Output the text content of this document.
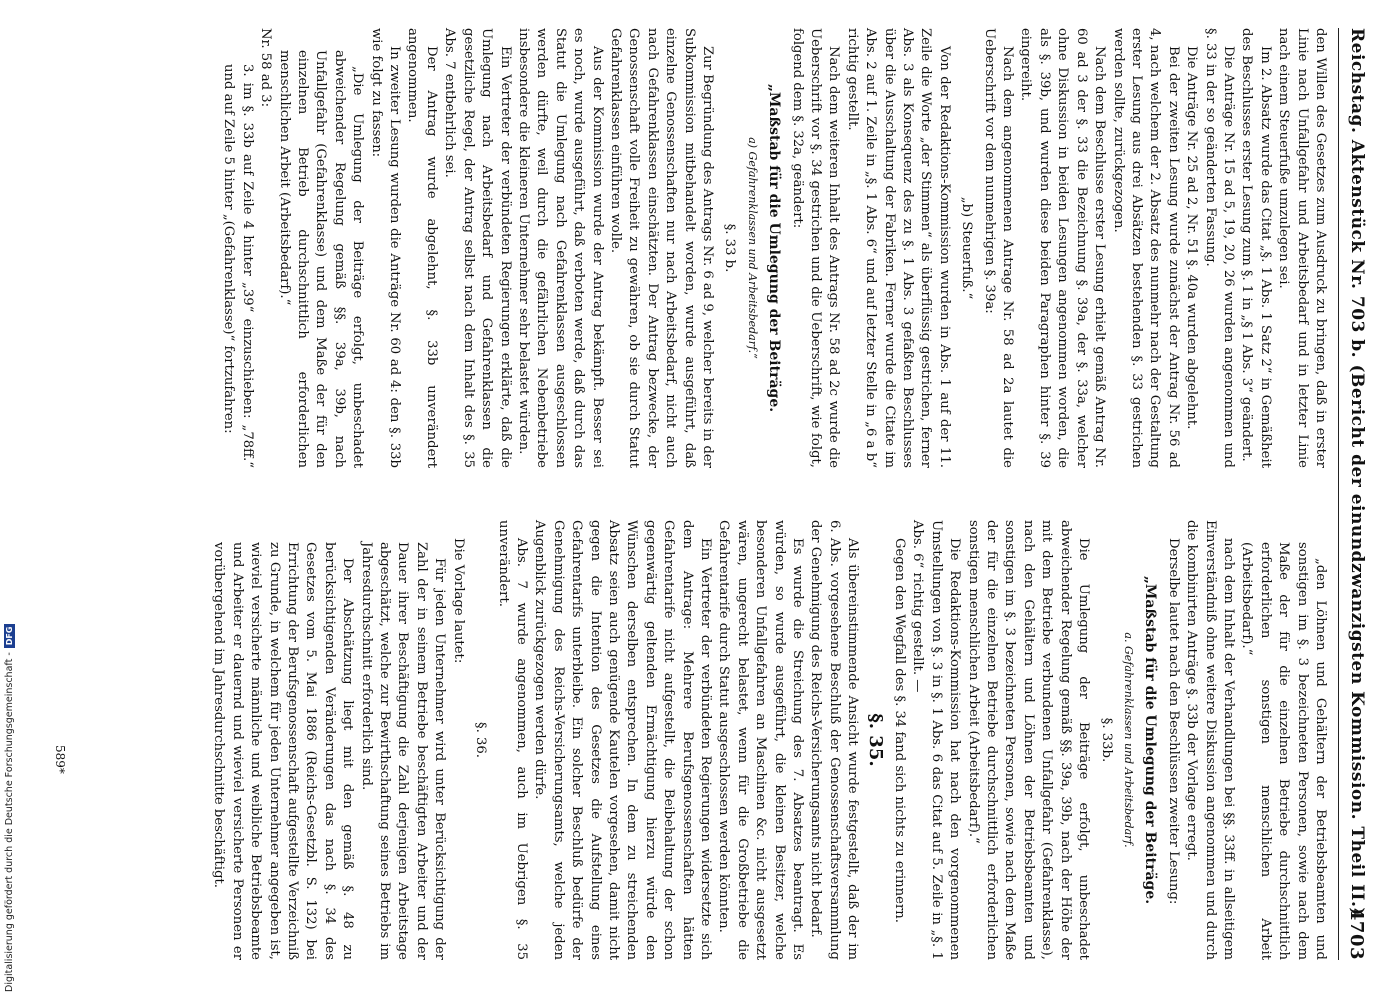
Reichstag. Aktenstück Nr. 703 b. (Bericht der einundzwanzigsten Kommission. Theil II.)
4703

den Willen des Gesetzes zum Ausdruck zu bringen, daß in erster Linie nach Unfallgefahr und Arbeitsbedarf und in letzter Linie nach einem Steuerfuße umzulegen sei.

Im 2. Absatz wurde das Citat „§. 1 Abs. 1 Satz 2“ in Gemäßheit des Beschlusses erster Lesung zum §. 1 in „§ 1 Abs. 3“ geändert.

Die Anträge Nr. 15 ad 5, 19, 20, 26 wurden angenommen und §. 33 in der so geänderten Fassung.

Die Anträge Nr. 25 ad 2, Nr. 51 §. 40a wurden abgelehnt.

Bei der zweiten Lesung wurde zunächst der Antrag Nr. 56 ad 4, nach welchem der 2. Absatz des nunmehr nach der Gestaltung erster Lesung aus drei Absätzen bestehenden §. 33 gestrichen werden sollte, zurückgezogen.

Nach dem Beschlusse erster Lesung erhielt gemäß Antrag Nr. 60 ad 3 der §. 33 die Bezeichnung §. 39a, der §. 33a, welcher ohne Diskussion in beiden Lesungen angenommen worden, die als §. 39b, und wurden diese beiden Paragraphen hinter §. 39 eingereiht.

Nach dem angenommenen Antrage Nr. 58 ad 2a lautet die Ueberschrift vor dem nunmehrigen §. 39a:

„b) Steuerfuß.“

Von der Redaktions-Kommission wurden in Abs. 1 auf der 11. Zeile die Worte „der Stimmen“ als überflüssig gestrichen, ferner Abs. 3 als Konsequenz des zu §. 1 Abs. 3 gefaßten Beschlusses über die Ausschaltung der Fabriken. Ferner wurde die Citate im Abs. 2 auf 1. Zeile in „§. 1 Abs. 6“ und auf letzter Stelle in „6 a b“ richtig gestellt.

Nach dem weiteren Inhalt des Antrags Nr. 58 ad 2c wurde die Ueberschrift vor §. 34 gestrichen und die Ueberschrift, wie folgt, folgend dem §. 32a, geändert:

„Maßstab für die Umlegung der Beiträge.

a) Gefahrenklassen und Arbeitsbedarf.“

§. 33 b.

Zur Begründung des Antrags Nr. 6 ad 9, welcher bereits in der Subkommission mitbehandelt worden, wurde ausgeführt, daß einzelne Genossenschaften nur nach Arbeitsbedarf, nicht auch nach Gefahrenklassen einschätzten. Der Antrag bezwecke, der Genossenschaft volle Freiheit zu gewähren, ob sie durch Statut Gefahrenklassen einführen wolle.

Aus der Kommission wurde der Antrag bekämpft. Besser sei es noch, wurde ausgeführt, daß verboten werde, daß durch das Statut die Umlegung nach Gefahrenklassen ausgeschlossen werden dürfte, weil durch die gefährlichen Nebenbetriebe insbesondere die kleineren Unternehmer sehr belastet würden.

Ein Vertreter der verbündeten Regierungen erklärte, daß die Umlegung nach Arbeitsbedarf und Gefahrenklassen die gesetzliche Regel, der Antrag selbst nach dem Inhalt des §. 35 Abs. 7 entbehrlich sei.

Der Antrag wurde abgelehnt, §. 33b unverändert angenommen.

In zweiter Lesung wurden die Anträge Nr. 60 ad 4: den §. 33b wie folgt zu fassen:

„Die Umlegung der Beiträge erfolgt, unbeschadet abweichender Regelung gemäß §§. 39a, 39b, nach Unfallgefahr (Gefahrenklasse) und dem Maße der für den einzelnen Betrieb durchschnittlich erforderlichen menschlichen Arbeit (Arbeitsbedarf).“

Nr. 58 ad 3:

3. im §. 33b auf Zeile 4 hinter „39“ einzuschieben: „78ff.“ und auf Zeile 5 hinter „(Gefahrenklasse)“ fortzufahren:

„den Löhnen und Gehältern der Betriebsbeamten und sonstigen im §. 3 bezeichneten Personen, sowie nach dem Maße der für die einzelnen Betriebe durchschnittlich erforderlichen sonstigen menschlichen Arbeit (Arbeitsbedarf).“

nach dem Inhalt der Verhandlungen bei §§. 33ff. in allseitigem Einverständniß ohne weitere Diskussion angenommen und durch die kombinirten Anträge §. 33b der Vorlage erregt.

Derselbe lautet nach den Beschlüssen zweiter Lesung:

„Maßstab für die Umlegung der Beiträge.

a. Gefahrenklassen und Arbeitsbedarf.

§. 33b.

Die Umlegung der Beiträge erfolgt, unbeschadet abweichender Regelung gemäß §§. 39a, 39b, nach der Höhe der mit dem Betriebe verbundenen Unfallgefahr (Gefahrenklasse), nach den Gehältern und Löhnen der Betriebsbeamten und sonstigen im §. 3 bezeichneten Personen, sowie nach dem Maße der für die einzelnen Betriebe durchschnittlich erforderlichen sonstigen menschlichen Arbeit (Arbeitsbedarf).“

Die Redaktions-Kommission hat nach den vorgenommenen Umstellungen von §. 3 in §. 1 Abs. 6 das Citat auf 5. Zeile in „§. 1 Abs. 6“ richtig gestellt. —

Gegen den Wegfall des §. 34 fand sich nichts zu erinnern.

§. 35.

Als übereinstimmende Ansicht wurde festgestellt, daß der im 6. Abs. vorgesehene Beschluß der Genossenschaftsversammlung der Genehmigung des Reichs-Versicherungsamts nicht bedarf.

Es wurde die Streichung des 7. Absatzes beantragt. Es würden, so wurde ausgeführt, die kleinen Besitzer, welche besonderen Unfallgefahren an Maschinen &c. nicht ausgesetzt wären, ungerecht belastet, wenn für die Großbetriebe die Gefahrentarife durch Statut ausgeschlossen werden könnten.

Ein Vertreter der verbündeten Regierungen widersetzte sich dem Antrage: Mehrere Berufsgenossenschaften hätten Gefahrentarife nicht aufgestellt, die Beibehaltung der schon gegenwärtig geltenden Ermächtigung hierzu würde den Wünschen derselben entsprechen. In dem zu streichenden Absatz seien auch genügende Kautelen vorgesehen, damit nicht gegen die Intention des Gesetzes die Aufstellung eines Gefahrentarifs unterbleibe. Ein solcher Beschluß bedürfe der Genehmigung des Reichs-Versicherungsamts, welche jeden Augenblick zurückgezogen werden dürfe.

Abs. 7 wurde angenommen, auch im Uebrigen §. 35 unverändert.

§. 36.

Die Vorlage lautet:

Für jeden Unternehmer wird unter Berücksichtigung der Zahl der in seinem Betriebe beschäftigten Arbeiter und der Dauer ihrer Beschäftigung die Zahl derjenigen Arbeitstage abgeschätzt, welche zur Bewirthschaftung seines Betriebs im Jahresdurchschnitt erforderlich sind.

Der Abschätzung liegt mit den gemäß §. 48 zu berücksichtigenden Veränderungen das nach §. 34 des Gesetzes vom 5. Mai 1886 (Reichs-Gesetzbl. S. 132) bei Errichtung der Berufsgenossenschaft aufgestellte Verzeichniß zu Grunde, in welchem für jeden Unternehmer angegeben ist, wieviel versicherte männliche und weibliche Betriebsbeamte und Arbeiter er dauernd und wieviel versicherte Personen er vorübergehend im Jahresdurchschnitte beschäftigt.

589*
Digitalisierung gefördert durch die Deutsche Forschungsgemeinschaft -DFG
